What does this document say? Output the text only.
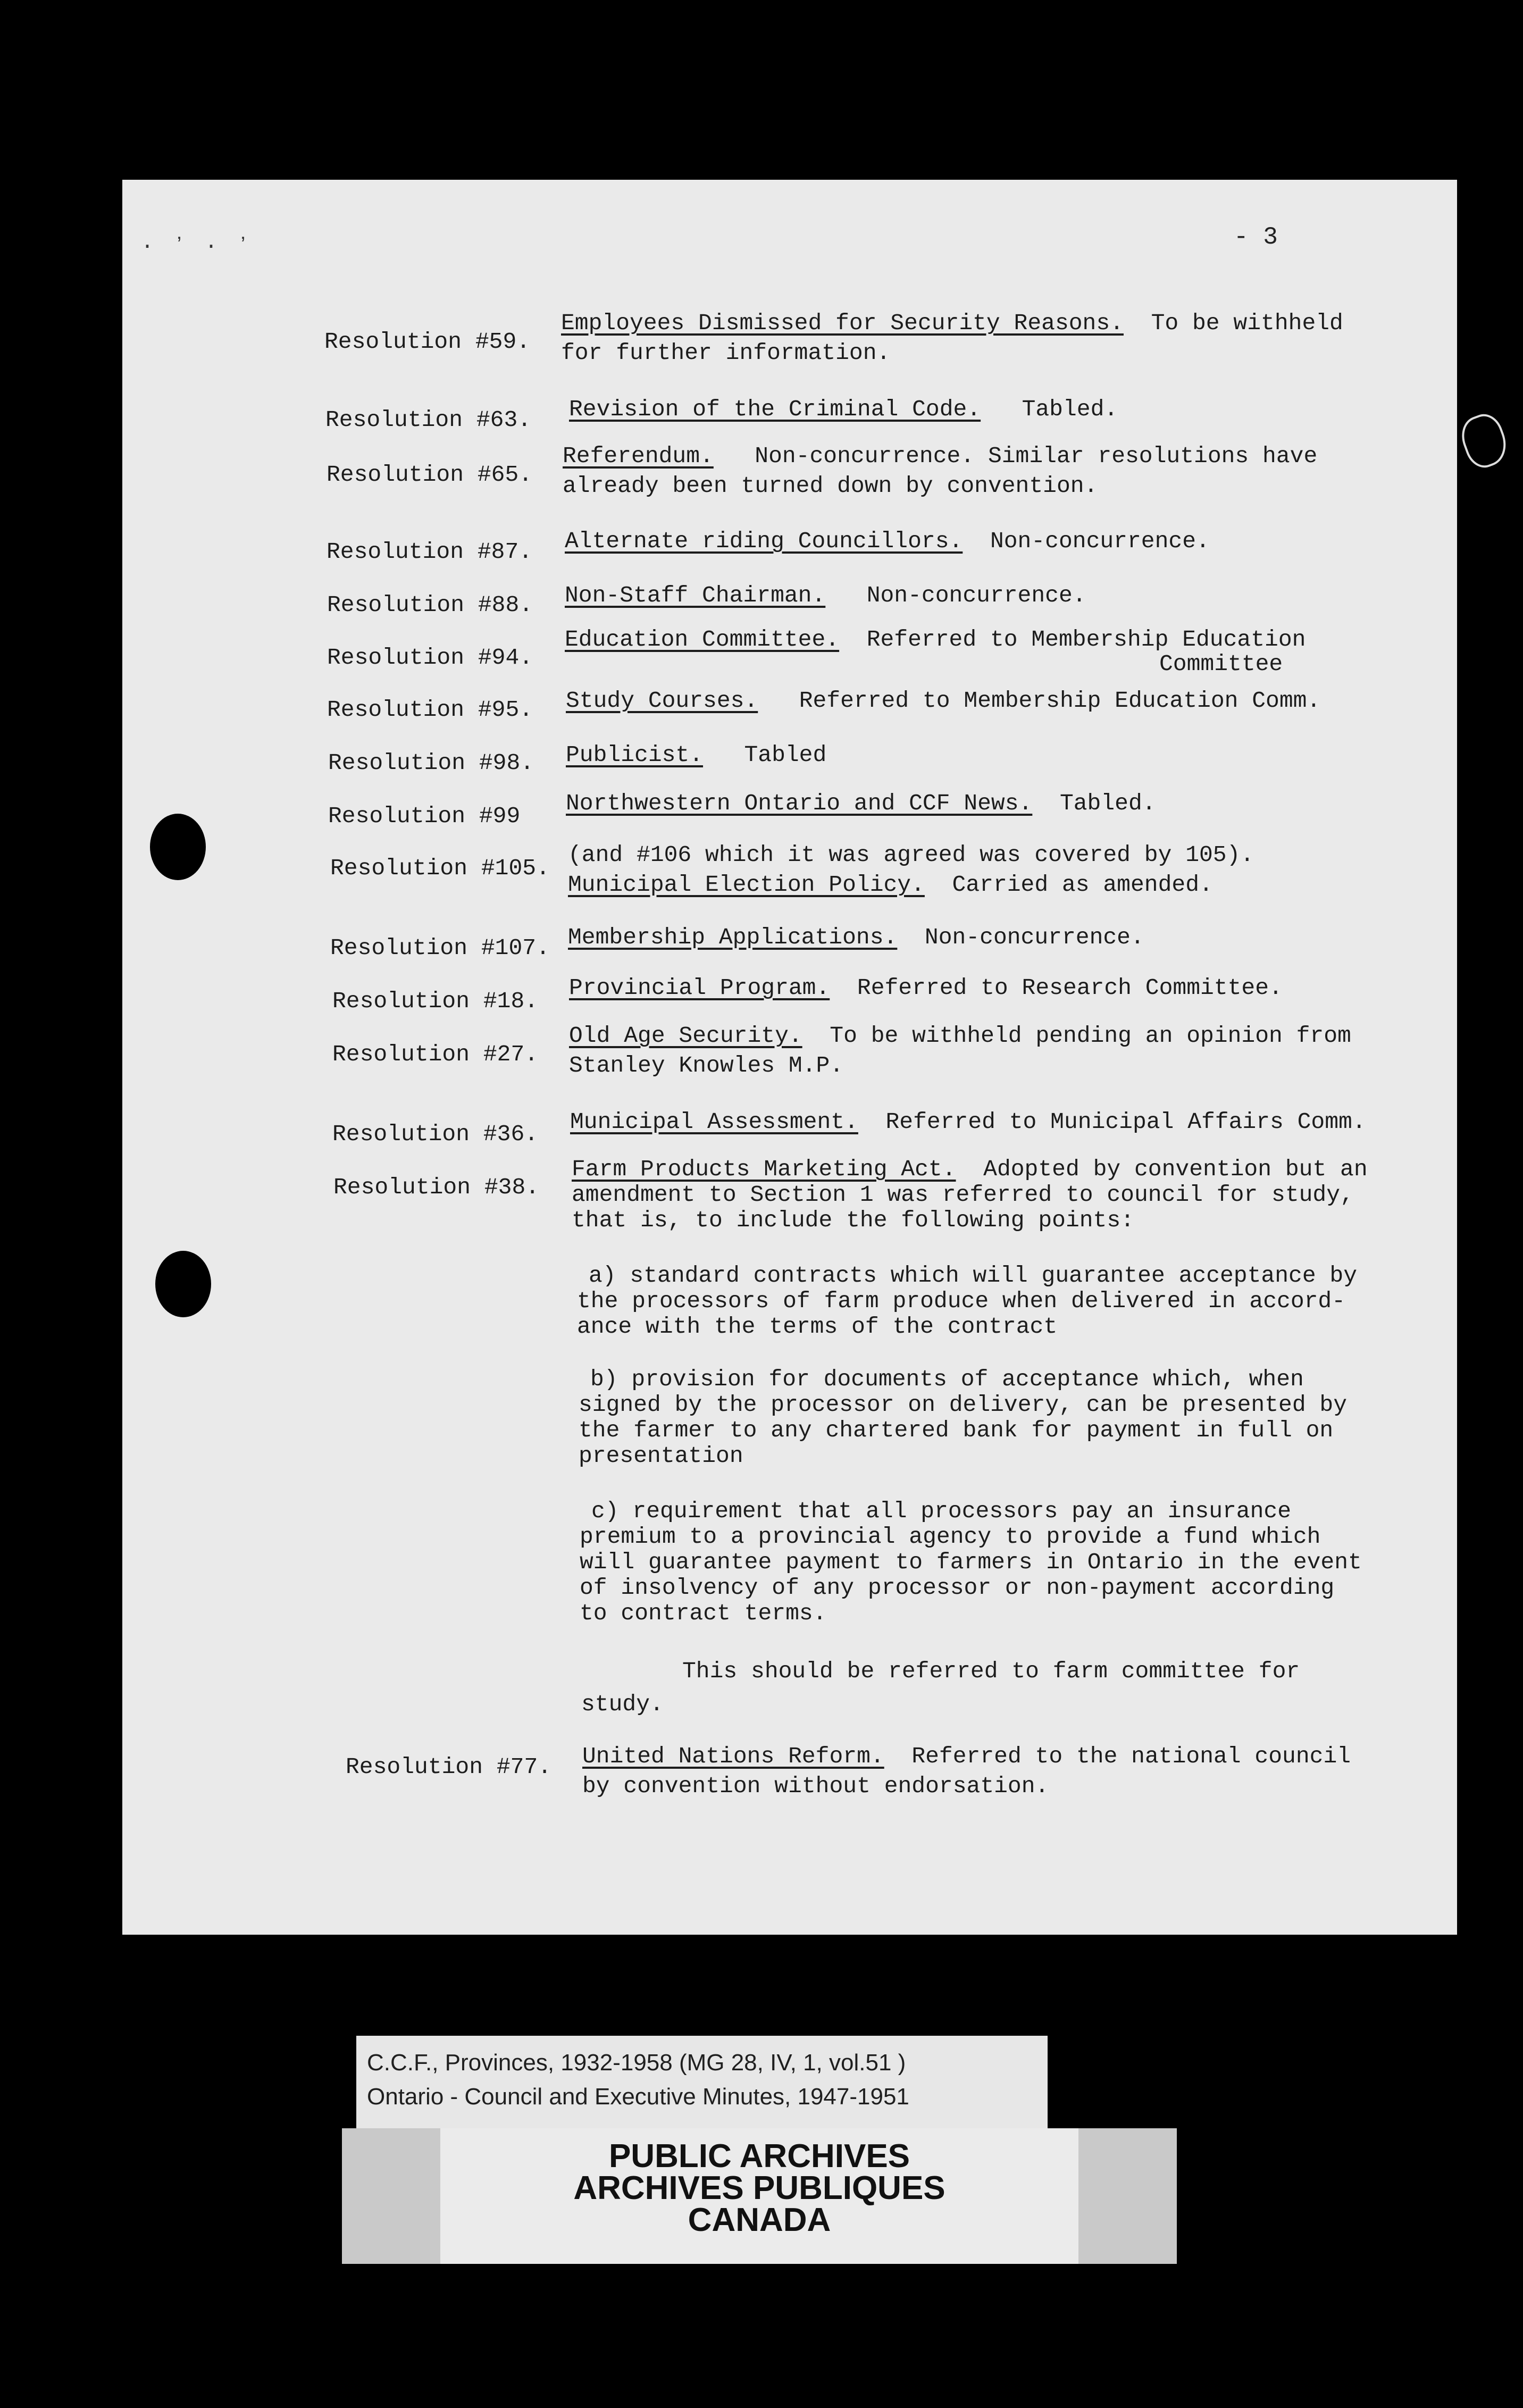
· ʼ · ʼ	- 3
Resolution #59.
Employees Dismissed for Security Reasons. To be withheld
for further information.
Resolution #63. Revision of the Criminal Code. Tabled.
Resolution #65.
Referendum. Non-concurrence. Similar resolutions have
already been turned down by convention.
Resolution #87. Alternate riding Councillors. Non-concurrence.
Resolution #88. Non-Staff Chairman. Non-concurrence.
Resolution #94.
Education Committee. Referred to Membership Education
Committee
Resolution #95. Study Courses. Referred to Membership Education Comm.
Resolution #98. Publicist. Tabled
Resolution #99 Northwestern Ontario and CCF News. Tabled.
Resolution #105.
(and #106 which it was agreed was covered by 105).
Municipal Election Policy. Carried as amended.
Resolution #107. Membership Applications. Non-concurrence.
Resolution #18.
Provincial Program. Referred to Research Committee.
Resolution #27.
Old Age Security. To be withheld pending an opinion from
Stanley Knowles M.P.
Resolution #36. Municipal Assessment. Referred to Municipal Affairs Comm.
Resolution #38.
Farm Products Marketing Act. Adopted by convention but an
amendment to Section 1 was referred to council for study,
that is, to include the following points:
a) standard contracts which will guarantee acceptance by
the processors of farm produce when delivered in accord-
ance with the terms of the contract
b) provision for documents of acceptance which, when
signed by the processor on delivery, can be presented by
the farmer to any chartered bank for payment in full on
presentation
c) requirement that all processors pay an insurance
premium to a provincial agency to provide a fund which
will guarantee payment to farmers in Ontario in the event
of insolvency of any processor or non-payment according
to contract terms.
This should be referred to farm committee for
study.
Resolution #77. United Nations Reform. Referred to the national council
by convention without endorsation.
C.C.F., Provinces, 1932-1958 (MG 28, IV, 1, vol.51 )
Ontario - Council and Executive Minutes, 1947-1951
PUBLIC ARCHIVES
ARCHIVES PUBLIQUES
CANADA
